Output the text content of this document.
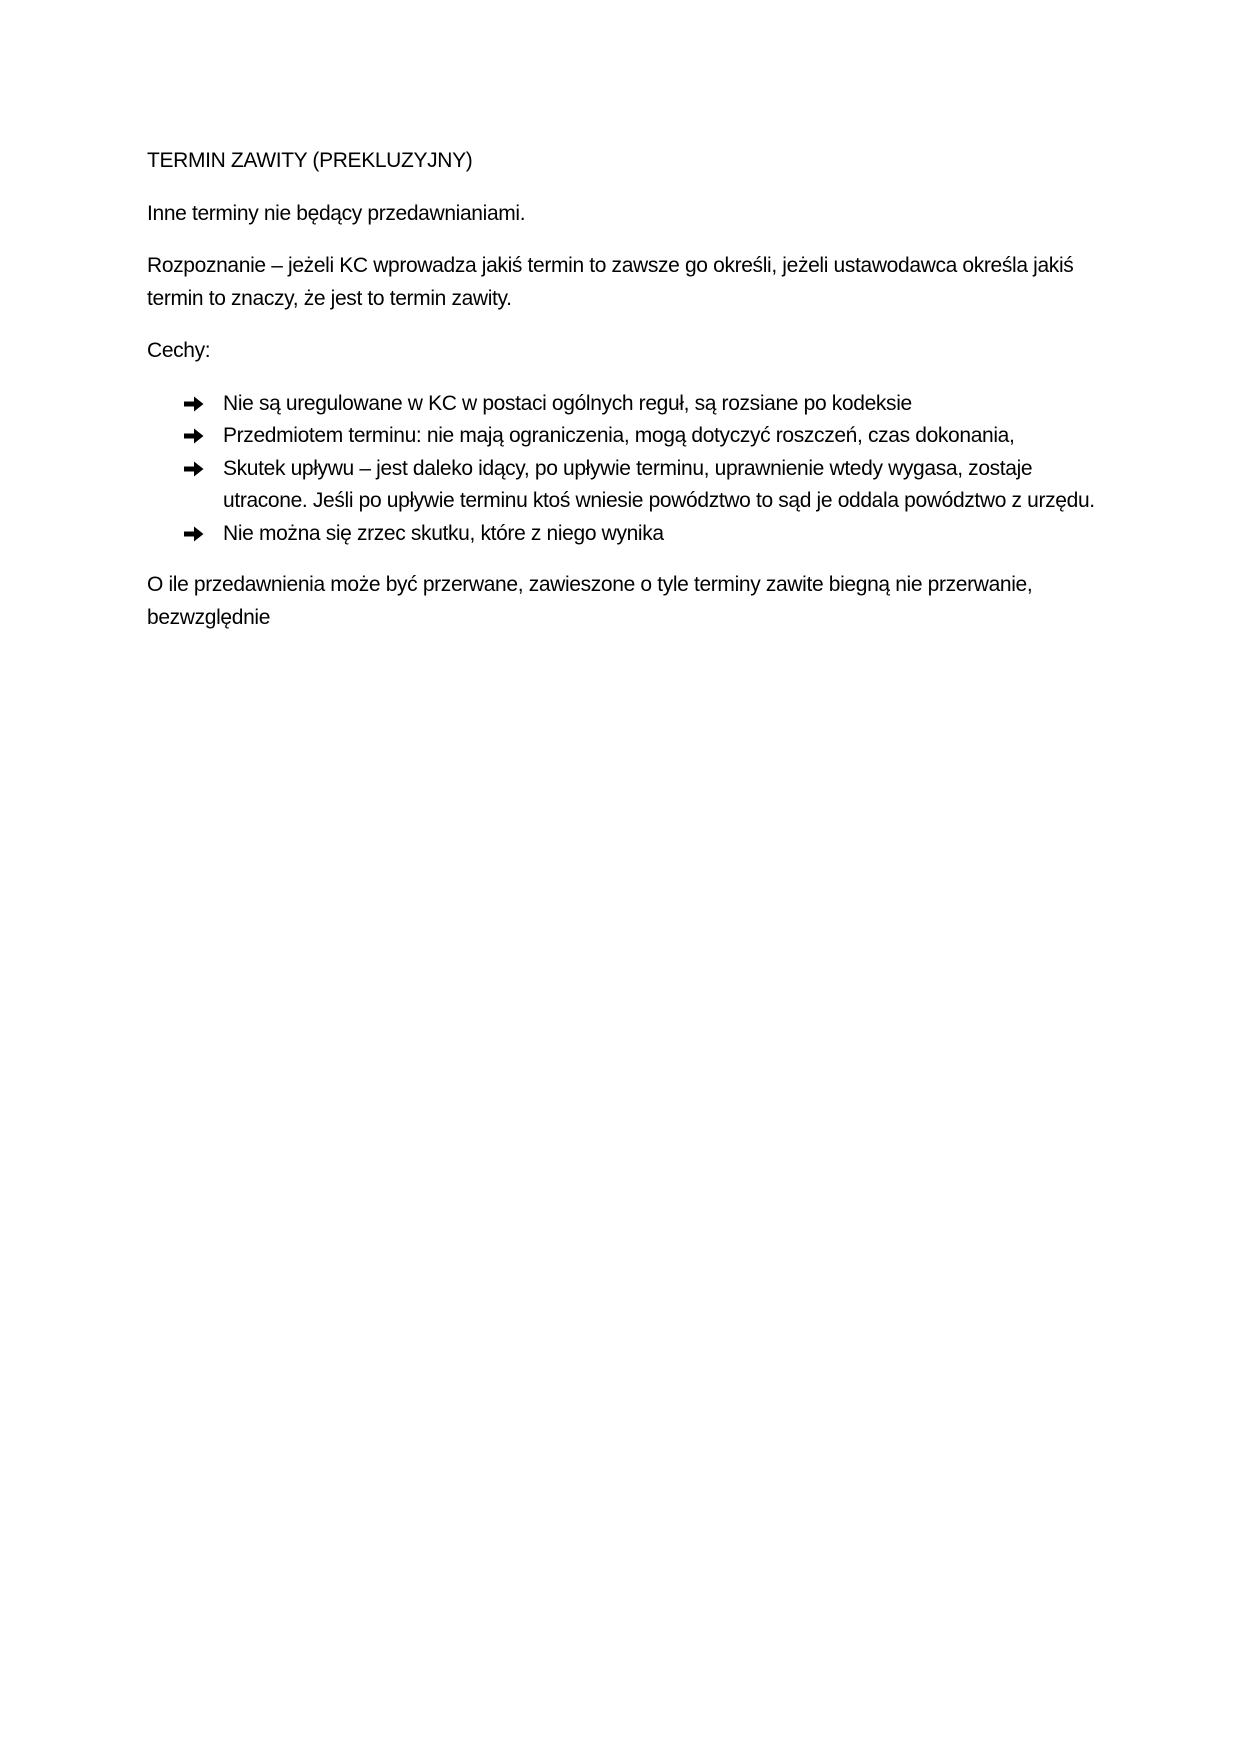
TERMIN ZAWITY (PREKLUZYJNY)

Inne terminy nie będący przedawnianiami.

Rozpoznanie – jeżeli KC wprowadza jakiś termin to zawsze go określi, jeżeli ustawodawca określa jakiś termin to znaczy, że jest to termin zawity.

Cechy:

Nie są uregulowane w KC w postaci ogólnych reguł, są rozsiane po kodeksie
Przedmiotem terminu: nie mają ograniczenia, mogą dotyczyć roszczeń, czas dokonania,
Skutek upływu – jest daleko idący, po upływie terminu, uprawnienie wtedy wygasa, zostaje utracone. Jeśli po upływie terminu ktoś wniesie powództwo to sąd je oddala powództwo z urzędu.
Nie można się zrzec skutku, które z niego wynika

O ile przedawnienia może być przerwane, zawieszone o tyle terminy zawite biegną nie przerwanie, bezwzględnie
